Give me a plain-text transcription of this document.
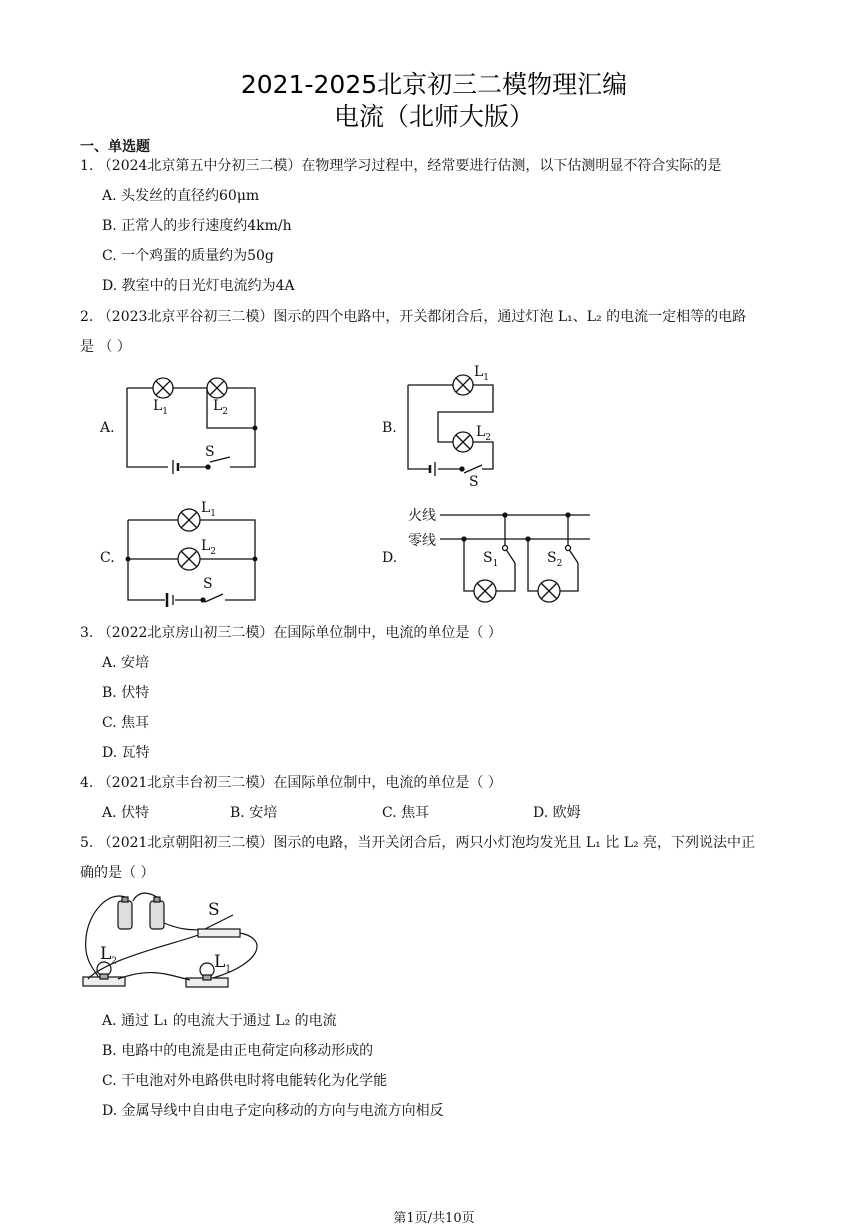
2021-2025北京初三二模物理汇编
电流（北师大版）
一、单选题
1. （2024北京第五中分初三二模）在物理学习过程中，经常要进行估测，以下估测明显不符合实际的是
A. 头发丝的直径约60μm
B. 正常人的步行速度约4km/h
C. 一个鸡蛋的质量约为50g
D. 教室中的日光灯电流约为4A
2. （2023北京平谷初三二模）图示的四个电路中，开关都闭合后，通过灯泡 L₁、L₂ 的电流一定相等的电路
是 （ ）
A.
$L_1$	$L_2$
S
B.
$L_1$
$L_2$
S
C.
$L_1$
$L_2$
S
D.
火线
零线
$S_1$	$S_2$
3. （2022北京房山初三二模）在国际单位制中，电流的单位是（ ）
A. 安培
B. 伏特
C. 焦耳
D. 瓦特
4. （2021北京丰台初三二模）在国际单位制中，电流的单位是（ ）
A. 伏特	B. 安培	C. 焦耳	D. 欧姆
5. （2021北京朝阳初三二模）图示的电路，当开关闭合后，两只小灯泡均发光且 L₁ 比 L₂ 亮，下列说法中正
确的是（ ）
S
$L_2$	$L_1$
A. 通过 L₁ 的电流大于通过 L₂ 的电流
B. 电路中的电流是由正电荷定向移动形成的
C. 干电池对外电路供电时将电能转化为化学能
D. 金属导线中自由电子定向移动的方向与电流方向相反
第1页/共10页
